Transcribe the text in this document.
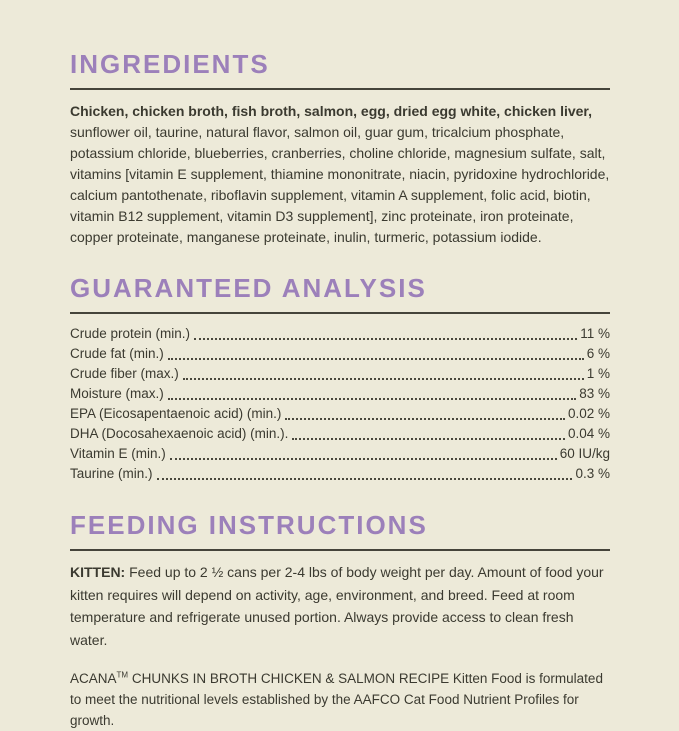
INGREDIENTS

Chicken, chicken broth, fish broth, salmon, egg, dried egg white, chicken liver, sunflower oil, taurine, natural flavor, salmon oil, guar gum, tricalcium phosphate, potassium chloride, blueberries, cranberries, choline chloride, magnesium sulfate, salt, vitamins [vitamin E supplement, thiamine mononitrate, niacin, pyridoxine hydrochloride, calcium pantothenate, riboflavin supplement, vitamin A supplement, folic acid, biotin, vitamin B12 supplement, vitamin D3 supplement], zinc proteinate, iron proteinate, copper proteinate, manganese proteinate, inulin, turmeric, potassium iodide.

GUARANTEED ANALYSIS
Crude protein (min.)	11 %
Crude fat (min.)	6 %
Crude fiber (max.)	1 %
Moisture (max.)	83 %
EPA (Eicosapentaenoic acid) (min.)	0.02 %
DHA (Docosahexaenoic acid) (min.).	0.04 %
Vitamin E (min.)	60 IU/kg
Taurine (min.)	0.3 %
FEEDING INSTRUCTIONS

KITTEN: Feed up to 2 ½ cans per 2-4 lbs of body weight per day. Amount of food your kitten requires will depend on activity, age, environment, and breed. Feed at room temperature and refrigerate unused portion. Always provide access to clean fresh water.

ACANA™ CHUNKS IN BROTH CHICKEN & SALMON RECIPE Kitten Food is formulated to meet the nutritional levels established by the AAFCO Cat Food Nutrient Profiles for growth.
